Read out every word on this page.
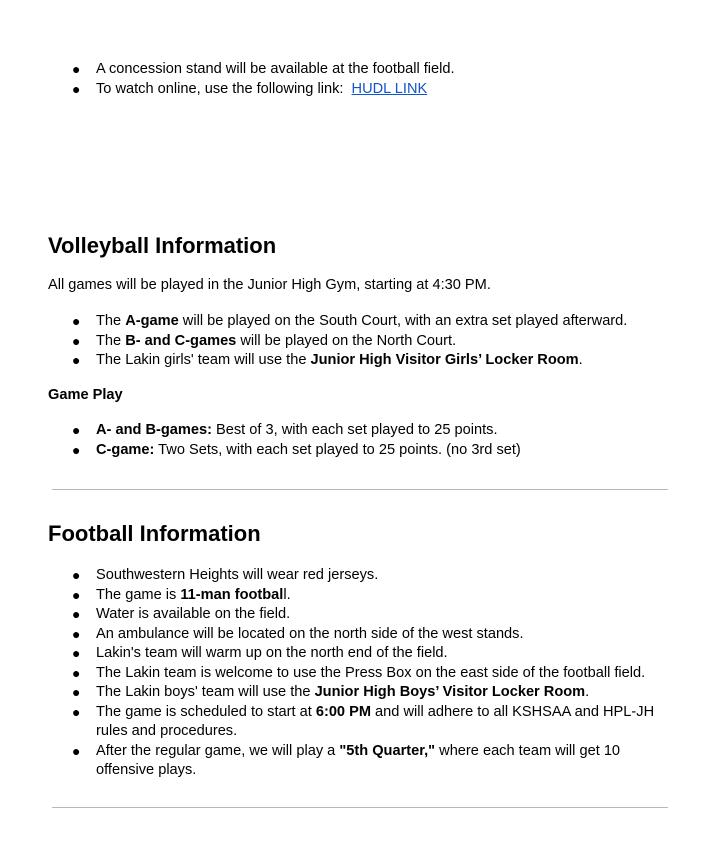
● A concession stand will be available at the football field.
● To watch online, use the following link: HUDL LINK
Volleyball Information
All games will be played in the Junior High Gym, starting at 4:30 PM.
● The A-game will be played on the South Court, with an extra set played afterward.
● The B- and C-games will be played on the North Court.
● The Lakin girls' team will use the Junior High Visitor Girls’ Locker Room.
Game Play
● A- and B-games: Best of 3, with each set played to 25 points.
● C-game: Two Sets, with each set played to 25 points. (no 3rd set)
Football Information
● Southwestern Heights will wear red jerseys.
● The game is 11-man football.
● Water is available on the field.
● An ambulance will be located on the north side of the west stands.
● Lakin's team will warm up on the north end of the field.
● The Lakin team is welcome to use the Press Box on the east side of the football field.
● The Lakin boys' team will use the Junior High Boys’ Visitor Locker Room.
● The game is scheduled to start at 6:00 PM and will adhere to all KSHSAA and HPL-JH rules and procedures.
● After the regular game, we will play a "5th Quarter," where each team will get 10 offensive plays.
